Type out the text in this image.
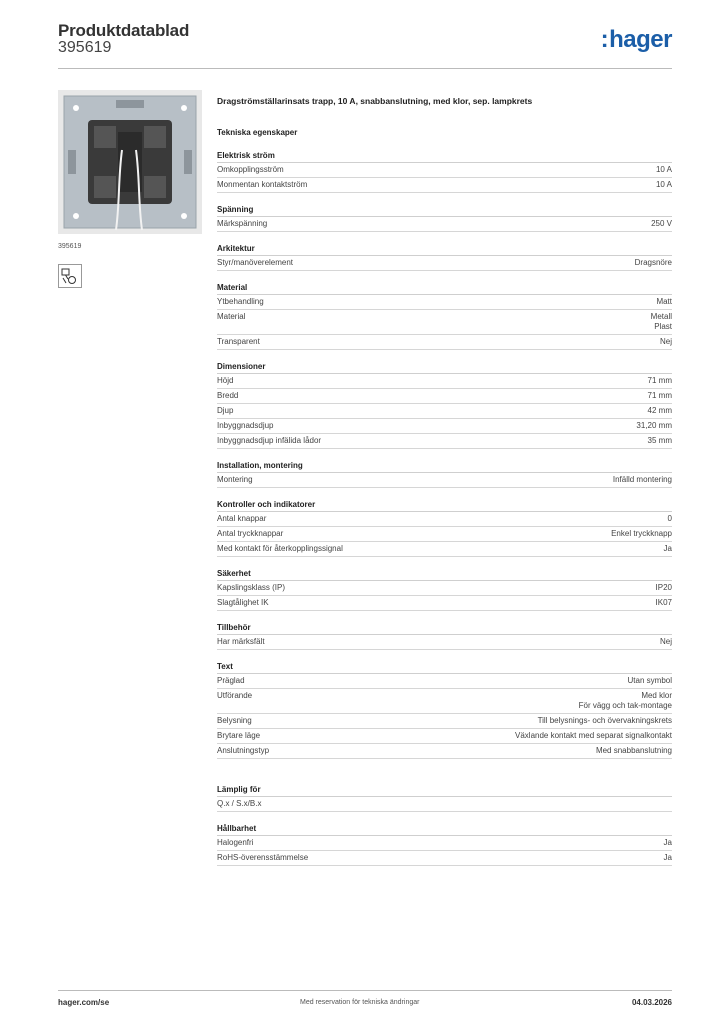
Produktdatablad
395619	:hager
395619
Dragströmställarinsats trapp, 10 A, snabbanslutning, med klor, sep. lampkrets
Tekniska egenskaper
Elektrisk ström
Omkopplingsström	10 A
Monmentan kontaktström	10 A
Spänning
Märkspänning	250 V
Arkitektur
Styr/manöverelement	Dragsnöre
Material
Ytbehandling	Matt
Material	Metall
Plast
Transparent	Nej
Dimensioner
Höjd	71 mm
Bredd	71 mm
Djup	42 mm
Inbyggnadsdjup	31,20 mm
Inbyggnadsdjup infälida lådor	35 mm
Installation, montering
Montering	Infälld montering
Kontroller och indikatorer
Antal knappar	0
Antal tryckknappar	Enkel tryckknapp
Med kontakt för återkopplingssignal	Ja
Säkerhet
Kapslingsklass (IP)	IP20
Slagtålighet IK	IK07
Tillbehör
Har märksfält	Nej
Text
Präglad	Utan symbol
Utförande	Med klor
För vägg och tak-montage
Belysning	Till belysnings- och övervakningskrets
Brytare läge	Växlande kontakt med separat signalkontakt
Anslutningstyp	Med snabbanslutning
Lämplig för
Q.x / S.x/B.x
Hållbarhet
Halogenfri	Ja
RoHS-överensstämmelse	Ja
hager.com/se	Med reservation för tekniska ändringar	04.03.2026
